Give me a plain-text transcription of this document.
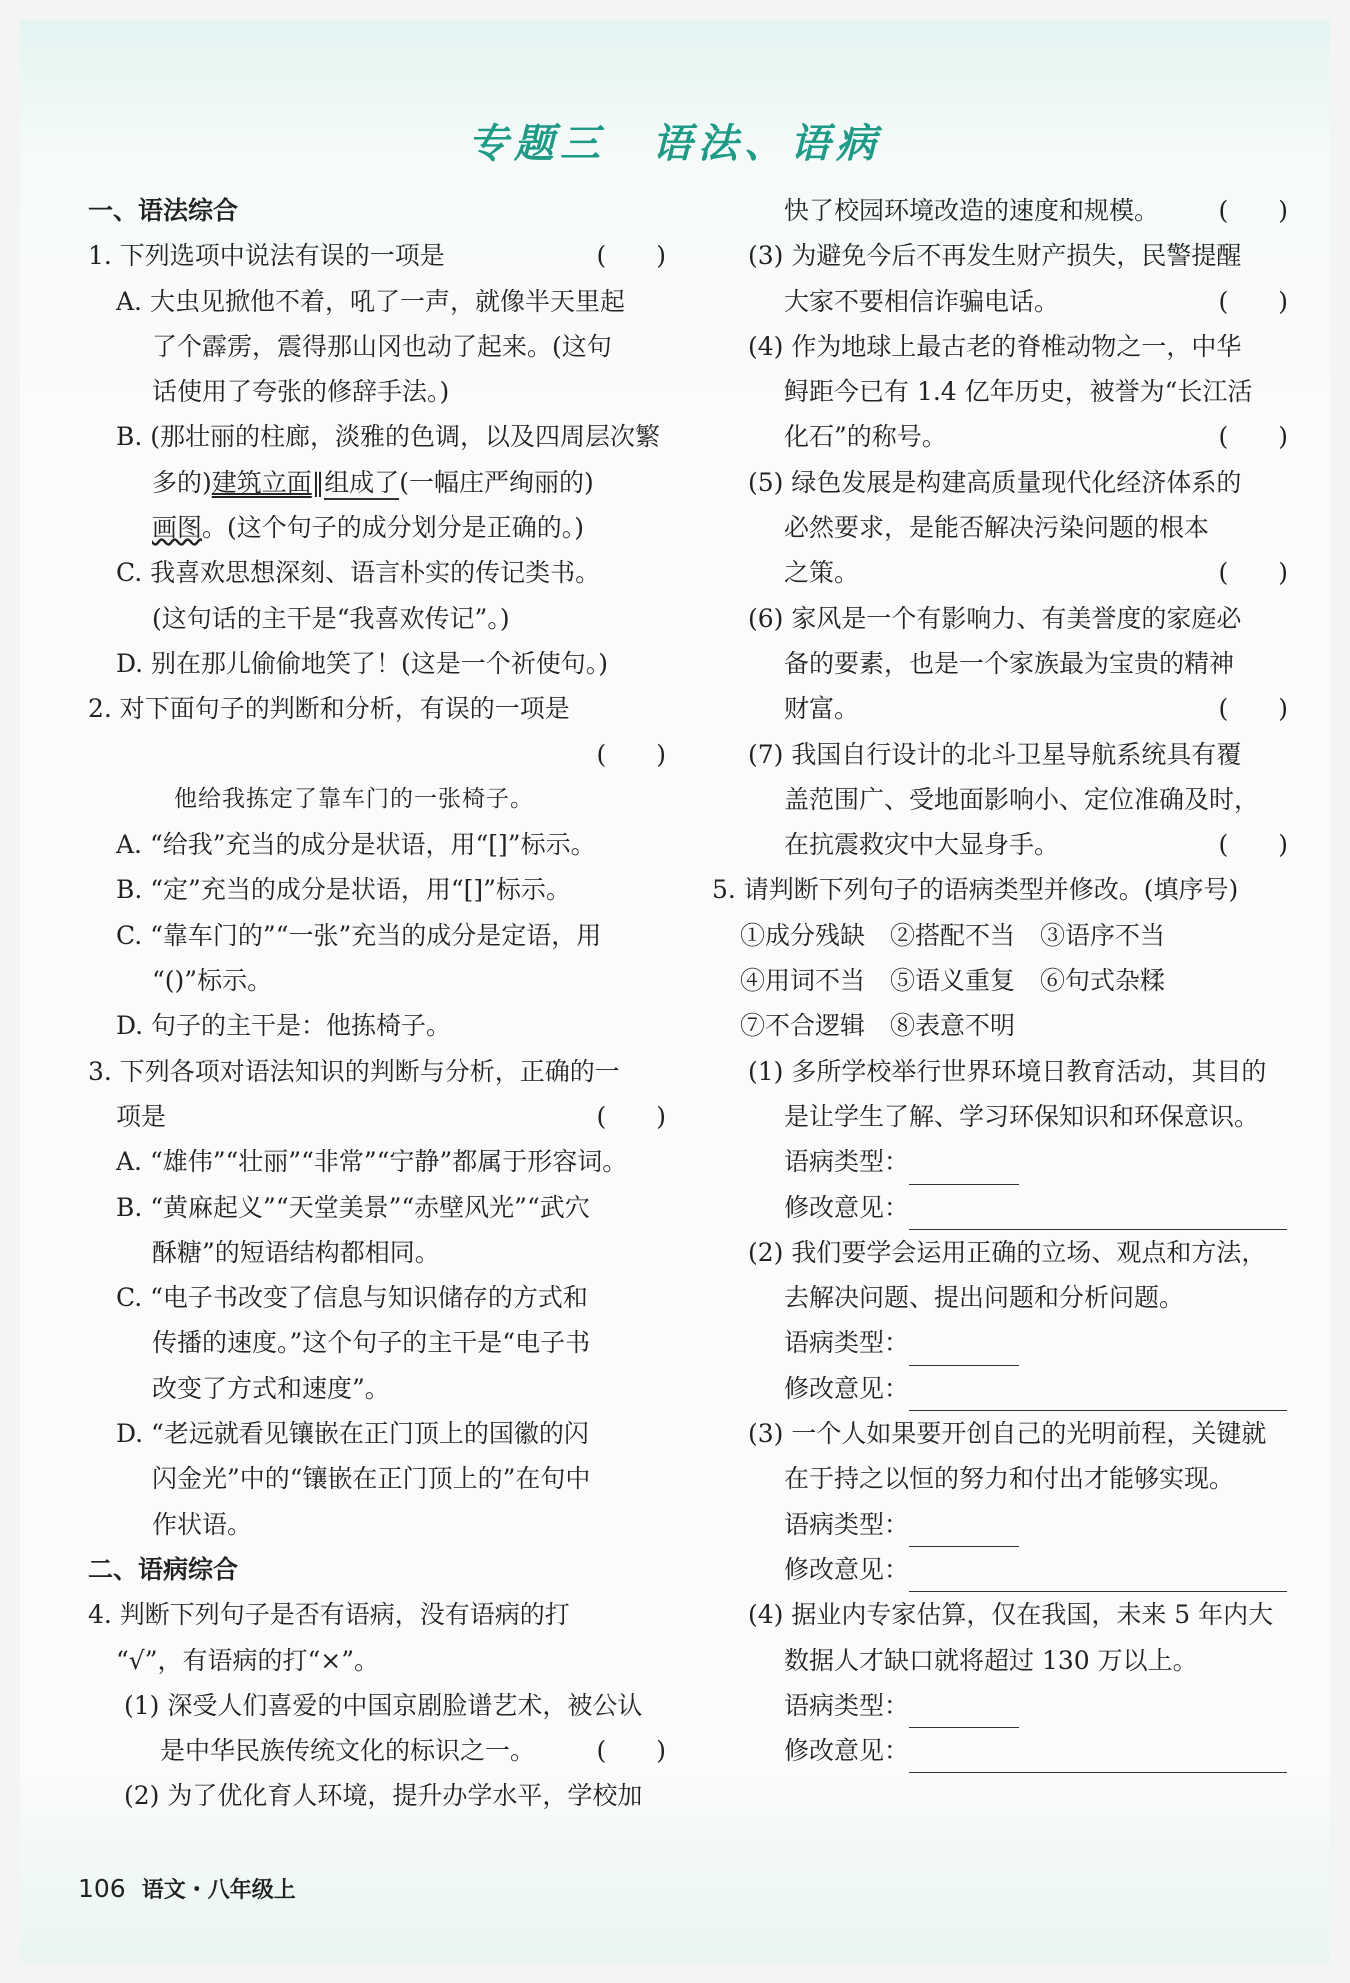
专题三　语法、语病
一、语法综合
1. 下列选项中说法有误的一项是	(　　)
A. 大虫见掀他不着，吼了一声，就像半天里起
了个霹雳，震得那山冈也动了起来。(这句
话使用了夸张的修辞手法。)
B. (那壮丽的柱廊，淡雅的色调，以及四周层次繁
多的)建筑立面‖组成了(一幅庄严绚丽的)
画图。(这个句子的成分划分是正确的。)
C. 我喜欢思想深刻、语言朴实的传记类书。
(这句话的主干是“我喜欢传记”。)
D. 别在那儿偷偷地笑了！(这是一个祈使句。)
2. 对下面句子的判断和分析，有误的一项是

(　　)
他给我拣定了靠车门的一张椅子。
A. “给我”充当的成分是状语，用“[]”标示。
B. “定”充当的成分是状语，用“[]”标示。
C. “靠车门的”“一张”充当的成分是定语，用
“()”标示。
D. 句子的主干是：他拣椅子。
3. 下列各项对语法知识的判断与分析，正确的一
项是	(　　)
A. “雄伟”“壮丽”“非常”“宁静”都属于形容词。
B. “黄麻起义”“天堂美景”“赤壁风光”“武穴
酥糖”的短语结构都相同。
C. “电子书改变了信息与知识储存的方式和
传播的速度。”这个句子的主干是“电子书
改变了方式和速度”。
D. “老远就看见镶嵌在正门顶上的国徽的闪
闪金光”中的“镶嵌在正门顶上的”在句中
作状语。
二、语病综合
4. 判断下列句子是否有语病，没有语病的打
“√”，有语病的打“×”。
(1) 深受人们喜爱的中国京剧脸谱艺术，被公认
是中华民族传统文化的标识之一。 (　　)
(2) 为了优化育人环境，提升办学水平，学校加
快了校园环境改造的速度和规模。 (　　)
(3) 为避免今后不再发生财产损失，民警提醒
大家不要相信诈骗电话。	(　　)
(4) 作为地球上最古老的脊椎动物之一，中华
鲟距今已有 1.4 亿年历史，被誉为“长江活
化石”的称号。	(　　)
(5) 绿色发展是构建高质量现代化经济体系的
必然要求，是能否解决污染问题的根本
之策。	(　　)
(6) 家风是一个有影响力、有美誉度的家庭必
备的要素，也是一个家族最为宝贵的精神
财富。	(　　)
(7) 我国自行设计的北斗卫星导航系统具有覆
盖范围广、受地面影响小、定位准确及时，
在抗震救灾中大显身手。	(　　)
5. 请判断下列句子的语病类型并修改。(填序号)
①成分残缺　②搭配不当　③语序不当
④用词不当　⑤语义重复　⑥句式杂糅
⑦不合逻辑　⑧表意不明
(1) 多所学校举行世界环境日教育活动，其目的
是让学生了解、学习环保知识和环保意识。
语病类型：
修改意见：
(2) 我们要学会运用正确的立场、观点和方法，
去解决问题、提出问题和分析问题。
语病类型：
修改意见：
(3) 一个人如果要开创自己的光明前程，关键就
在于持之以恒的努力和付出才能够实现。
语病类型：
修改意见：
(4) 据业内专家估算，仅在我国，未来 5 年内大
数据人才缺口就将超过 130 万以上。
语病类型：
修改意见：
106 语文・八年级上
